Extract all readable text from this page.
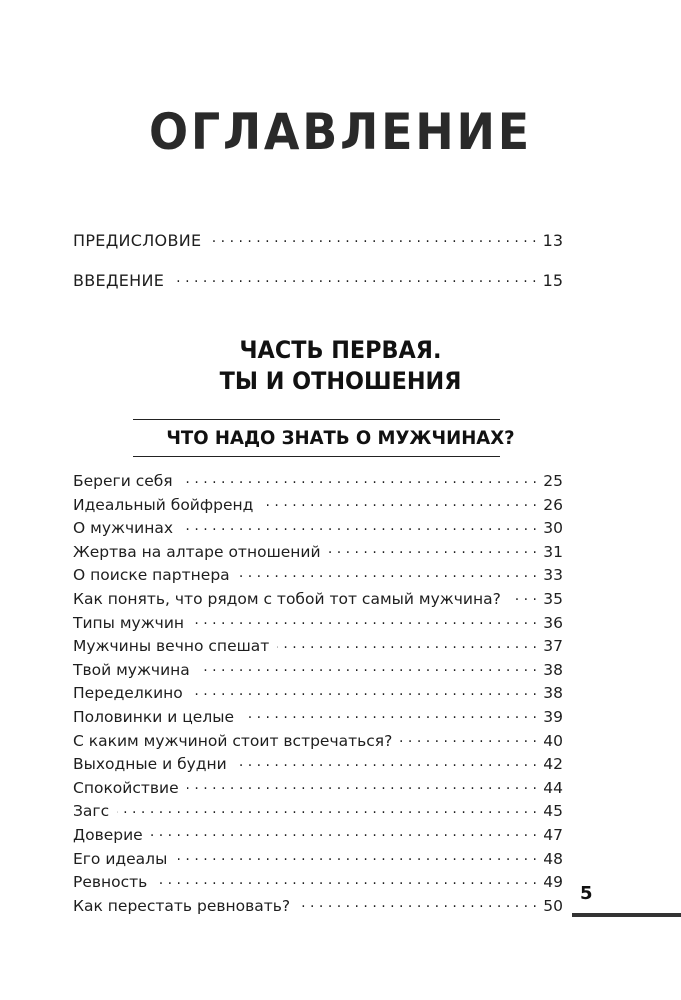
ОГЛАВЛЕНИЕ
ПРЕДИСЛОВИЕ . . .	13
ВВЕДЕНИЕ . . .	15
ЧАСТЬ ПЕРВАЯ.
ТЫ И ОТНОШЕНИЯ
ЧТО НАДО ЗНАТЬ О МУЖЧИНАХ?
Береги себя . . .	25
Идеальный бойфренд . . .	26
О мужчинах . . .	30
Жертва на алтаре отношений . . .	31
О поиске партнера . . .	33
Как понять, что рядом с тобой тот самый мужчина? . . .	35
Типы мужчин . . .	36
Мужчины вечно спешат . . .	37
Твой мужчина . . .	38
Переделкино . . .	38
Половинки и целые . . .	39
С каким мужчиной стоит встречаться? . . .	40
Выходные и будни . . .	42
Спокойствие . . .	44
Загс . . .	45
Доверие . . .	47
Его идеалы . . .	48
Ревность . . .	49
Как перестать ревновать? . . .	50
5
